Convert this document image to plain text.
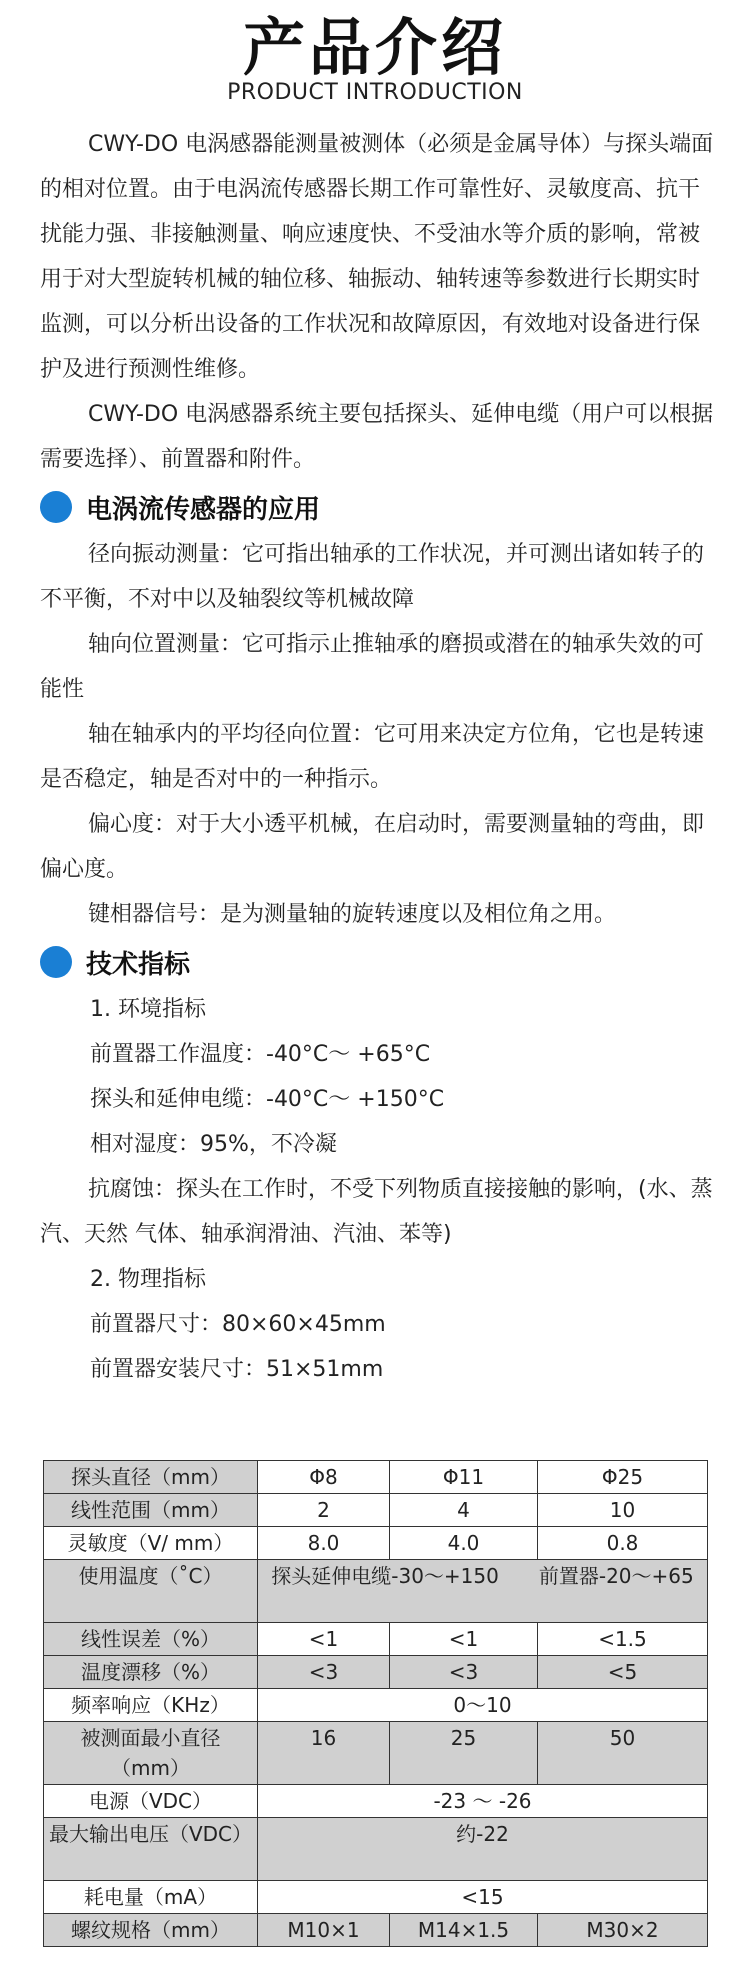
产品介绍
PRODUCT INTRODUCTION

CWY-DO 电涡感器能测量被测体（必须是金属导体）与探头端面的相对位置。由于电涡流传感器长期工作可靠性好、灵敏度高、抗干扰能力强、非接触测量、响应速度快、不受油水等介质的影响，常被用于对大型旋转机械的轴位移、轴振动、轴转速等参数进行长期实时监测，可以分析出设备的工作状况和故障原因，有效地对设备进行保护及进行预测性维修。

CWY-DO 电涡感器系统主要包括探头、延伸电缆（用户可以根据需要选择）、前置器和附件。

电涡流传感器的应用

径向振动测量：它可指出轴承的工作状况，并可测出诸如转子的不平衡，不对中以及轴裂纹等机械故障

轴向位置测量：它可指示止推轴承的磨损或潜在的轴承失效的可能性

轴在轴承内的平均径向位置：它可用来决定方位角，它也是转速是否稳定，轴是否对中的一种指示。

偏心度：对于大小透平机械，在启动时，需要测量轴的弯曲，即偏心度。

键相器信号：是为测量轴的旋转速度以及相位角之用。

技术指标

1. 环境指标

前置器工作温度：-40°C～ +65°C

探头和延伸电缆：-40°C～ +150°C

相对湿度：95%，不冷凝

抗腐蚀：探头在工作时，不受下列物质直接接触的影响，(水、蒸汽、天然 气体、轴承润滑油、汽油、苯等)

2. 物理指标

前置器尺寸：80×60×45mm

前置器安装尺寸：51×51mm

探头直径（mm）	Φ8	Φ11	Φ25
线性范围（mm）	2	4	10
灵敏度（V/ mm）	8.0	4.0	0.8
使用温度（˚C）	探头延伸电缆-30～+150　　前置器-20～+65		
线性误差（%）	<1	<1	<1.5
温度漂移（%）	<3	<3	<5
频率响应（KHz）	0～10		
被测面最小直径（mm）	16	25	50
电源（VDC）	-23 ～ -26		
最大输出电压（VDC）	约-22		
耗电量（mA）	<15		
螺纹规格（mm）	M10×1	M14×1.5	M30×2
